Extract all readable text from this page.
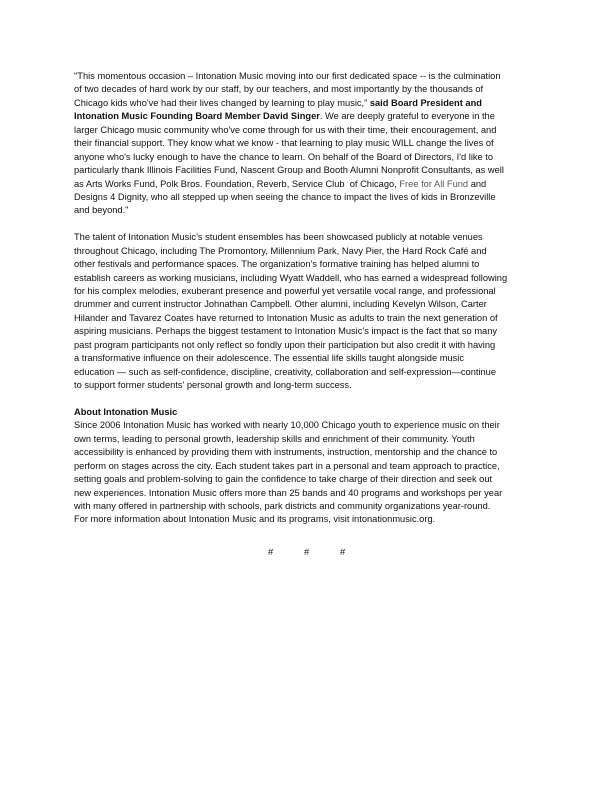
"This momentous occasion – Intonation Music moving into our first dedicated space -- is the culmination
of two decades of hard work by our staff, by our teachers, and most importantly by the thousands of
Chicago kids who've had their lives changed by learning to play music,” said Board President and
Intonation Music Founding Board Member David Singer. We are deeply grateful to everyone in the
larger Chicago music community who've come through for us with their time, their encouragement, and
their financial support. They know what we know - that learning to play music WILL change the lives of
anyone who's lucky enough to have the chance to learn. On behalf of the Board of Directors, I'd like to
particularly thank Illinois Facilities Fund, Nascent Group and Booth Alumni Nonprofit Consultants, as well
as Arts Works Fund, Polk Bros. Foundation, Reverb, Service Club  of Chicago, Free for All Fund and
Designs 4 Dignity, who all stepped up when seeing the chance to impact the lives of kids in Bronzeville
and beyond."
The talent of Intonation Music’s student ensembles has been showcased publicly at notable venues
throughout Chicago, including The Promontory, Millennium Park, Navy Pier, the Hard Rock Café and
other festivals and performance spaces. The organization’s formative training has helped alumni to
establish careers as working musicians, including Wyatt Waddell, who has earned a widespread following
for his complex melodies, exuberant presence and powerful yet versatile vocal range, and professional
drummer and current instructor Johnathan Campbell. Other alumni, including Kevelyn Wilson, Carter
Hilander and Tavarez Coates have returned to Intonation Music as adults to train the next generation of
aspiring musicians. Perhaps the biggest testament to Intonation Music’s impact is the fact that so many
past program participants not only reflect so fondly upon their participation but also credit it with having
a transformative influence on their adolescence. The essential life skills taught alongside music
education — such as self-confidence, discipline, creativity, collaboration and self-expression—continue
to support former students’ personal growth and long-term success.
About Intonation Music
Since 2006 Intonation Music has worked with nearly 10,000 Chicago youth to experience music on their
own terms, leading to personal growth, leadership skills and enrichment of their community. Youth
accessibility is enhanced by providing them with instruments, instruction, mentorship and the chance to
perform on stages across the city. Each student takes part in a personal and team approach to practice,
setting goals and problem-solving to gain the confidence to take charge of their direction and seek out
new experiences. Intonation Music offers more than 25 bands and 40 programs and workshops per year
with many offered in partnership with schools, park districts and community organizations year-round.
For more information about Intonation Music and its programs, visit intonationmusic.org.
#	#	#
